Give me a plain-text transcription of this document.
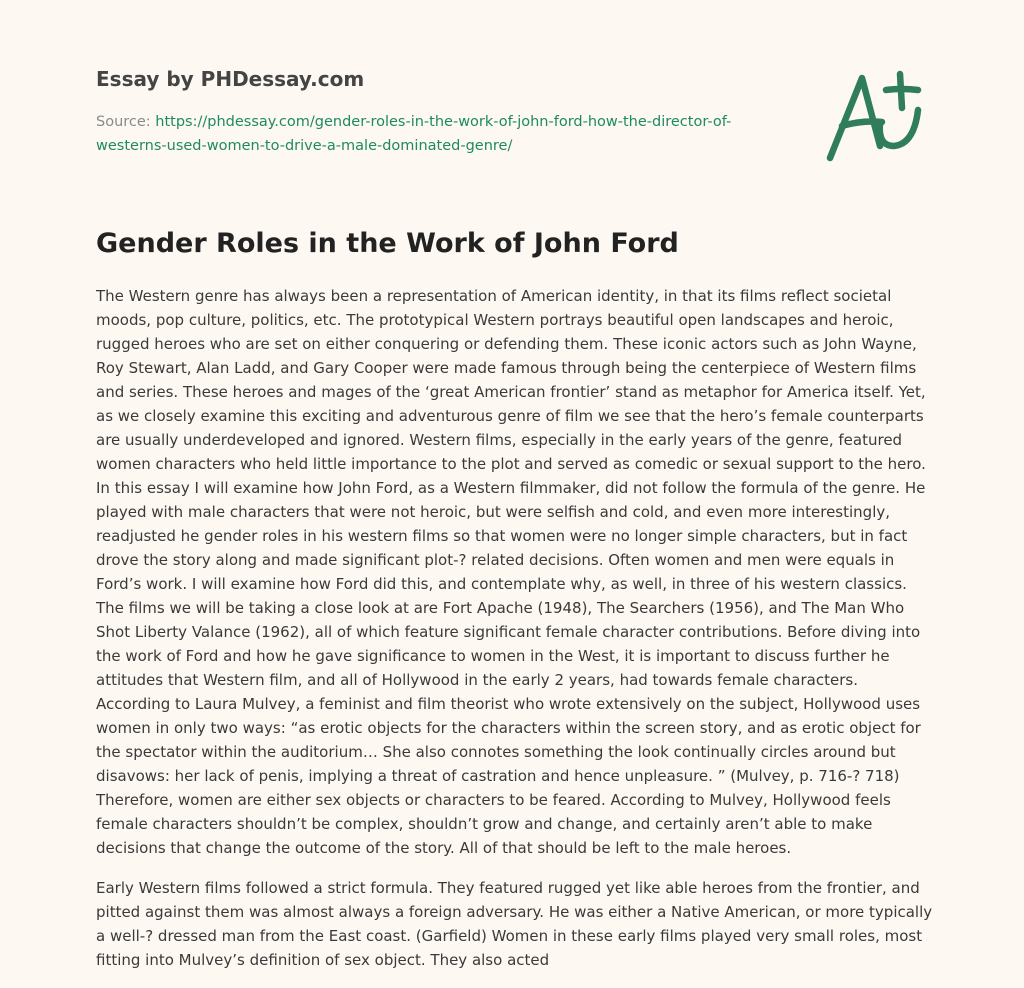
Essay by PHDessay.com
Source: https://phdessay.com/gender-roles-in-the-work-of-john-ford-how-the-director-of-westerns-used-women-to-drive-a-male-dominated-genre/
Gender Roles in the Work of John Ford

The Western genre has always been a representation of American identity, in that its films reflect societal moods, pop culture, politics, etc. The prototypical Western portrays beautiful open landscapes and heroic, rugged heroes who are set on either conquering or defending them. These iconic actors such as John Wayne, Roy Stewart, Alan Ladd, and Gary Cooper were made famous through being the centerpiece of Western films and series. These heroes and mages of the ‘great American frontier’ stand as metaphor for America itself. Yet, as we closely examine this exciting and adventurous genre of film we see that the hero’s female counterparts are usually underdeveloped and ignored. Western films, especially in the early years of the genre, featured women characters who held little importance to the plot and served as comedic or sexual support to the hero. In this essay I will examine how John Ford, as a Western filmmaker, did not follow the formula of the genre. He played with male characters that were not heroic, but were selfish and cold, and even more interestingly, readjusted he gender roles in his western films so that women were no longer simple characters, but in fact drove the story along and made significant plot-? related decisions. Often women and men were equals in Ford’s work. I will examine how Ford did this, and contemplate why, as well, in three of his western classics. The films we will be taking a close look at are Fort Apache (1948), The Searchers (1956), and The Man Who Shot Liberty Valance (1962), all of which feature significant female character contributions. Before diving into the work of Ford and how he gave significance to women in the West, it is important to discuss further he attitudes that Western film, and all of Hollywood in the early 2 years, had towards female characters. According to Laura Mulvey, a feminist and film theorist who wrote extensively on the subject, Hollywood uses women in only two ways: “as erotic objects for the characters within the screen story, and as erotic object for the spectator within the auditorium… She also connotes something the look continually circles around but disavows: her lack of penis, implying a threat of castration and hence unpleasure. ” (Mulvey, p. 716-? 718) Therefore, women are either sex objects or characters to be feared. According to Mulvey, Hollywood feels female characters shouldn’t be complex, shouldn’t grow and change, and certainly aren’t able to make decisions that change the outcome of the story. All of that should be left to the male heroes.

Early Western films followed a strict formula. They featured rugged yet like able heroes from the frontier, and pitted against them was almost always a foreign adversary. He was either a Native American, or more typically a well-? dressed man from the East coast. (Garfield) Women in these early films played very small roles, most fitting into Mulvey’s definition of sex object. They also acted
